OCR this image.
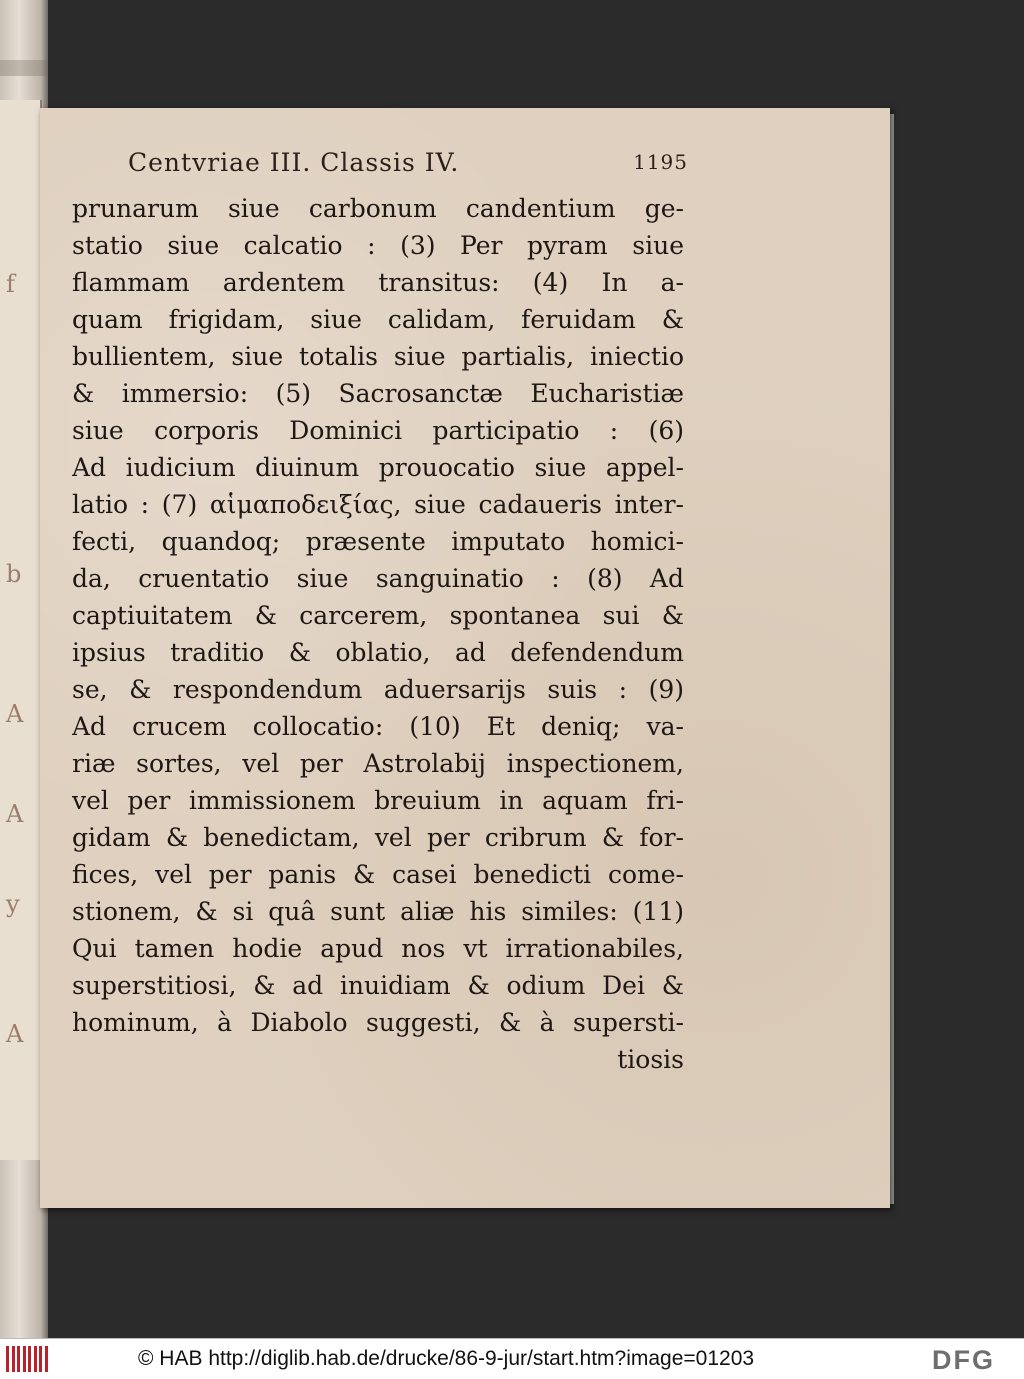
f
b
A
A
y
A
Centvriae III. Classis IV.	1195
prunarum siue carbonum candentium ge-
statio siue calcatio : (3) Per pyram siue
flammam ardentem transitus: (4) In a-
quam frigidam, siue calidam, feruidam &
bullientem, siue totalis siue partialis, iniectio
& immersio: (5) Sacrosanctæ Eucharistiæ
siue corporis Dominici participatio : (6)
Ad iudicium diuinum prouocatio siue appel-
latio : (7) αἱμαποδειξίας, siue cadaueris inter-
fecti, quandoq; præsente imputato homici-
da, cruentatio siue sanguinatio : (8) Ad
captiuitatem & carcerem, spontanea sui &
ipsius traditio & oblatio, ad defendendum
se, & respondendum aduersarijs suis : (9)
Ad crucem collocatio: (10) Et deniq; va-
riæ sortes, vel per Astrolabij inspectionem,
vel per immissionem breuium in aquam fri-
gidam & benedictam, vel per cribrum & for-
fices, vel per panis & casei benedicti come-
stionem, & si quâ sunt aliæ his similes: (11)
Qui tamen hodie apud nos vt irrationabiles,
superstitiosi, & ad inuidiam & odium Dei &
hominum, à Diabolo suggesti, & à supersti-
tiosis
© HAB http://diglib.hab.de/drucke/86-9-jur/start.htm?image=01203	DFG
